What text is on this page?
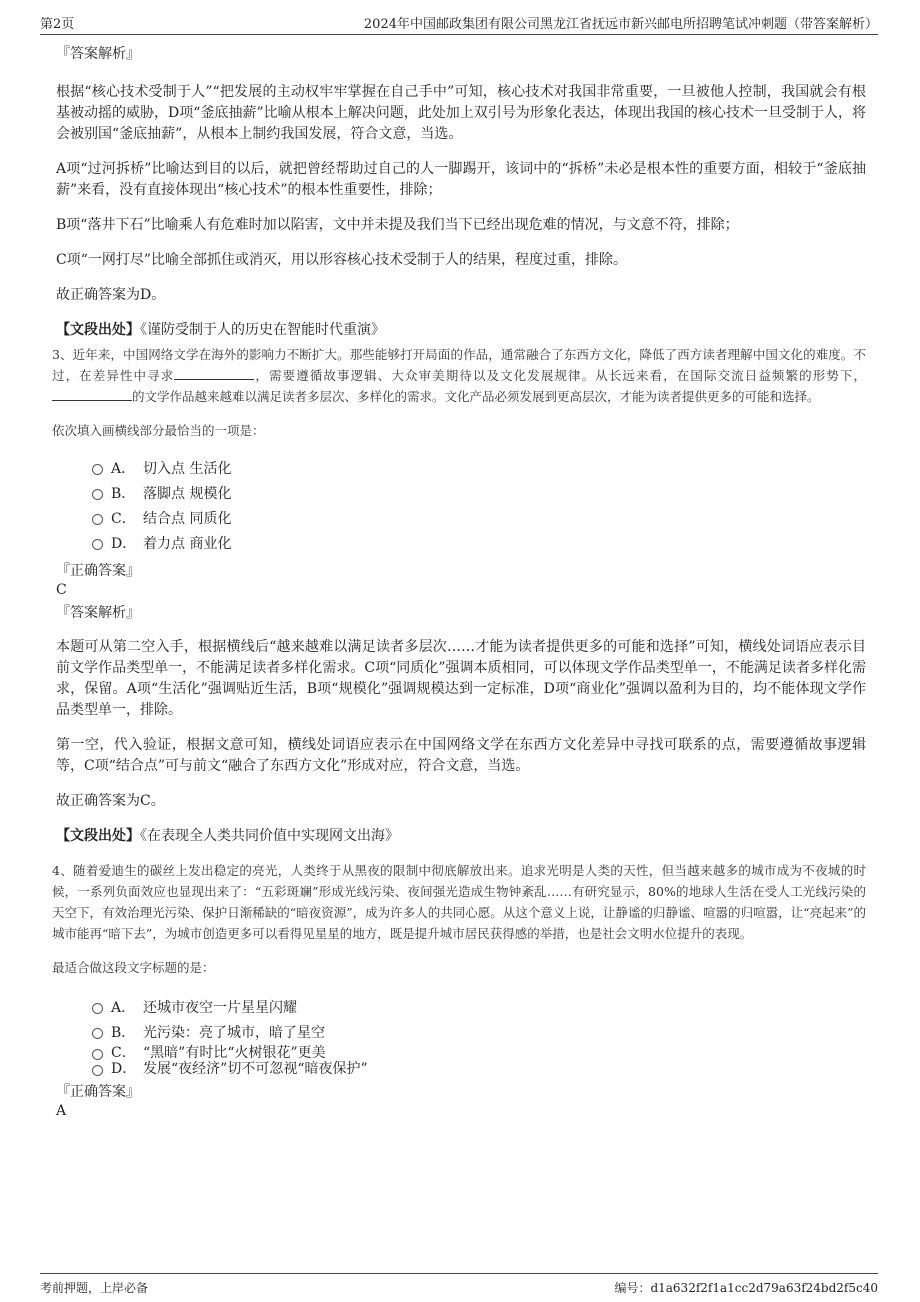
第2页	2024年中国邮政集团有限公司黑龙江省抚远市新兴邮电所招聘笔试冲刺题（带答案解析）
『答案解析』

根据“核心技术受制于人”“把发展的主动权牢牢掌握在自己手中”可知，核心技术对我国非常重要，一旦被他人控制，我国就会有根基被动摇的威胁，D项“釜底抽薪”比喻从根本上解决问题，此处加上双引号为形象化表达，体现出我国的核心技术一旦受制于人，将会被别国“釜底抽薪”，从根本上制约我国发展，符合文意，当选。

A项“过河拆桥”比喻达到目的以后，就把曾经帮助过自己的人一脚踢开，该词中的“拆桥”未必是根本性的重要方面，相较于“釜底抽薪”来看，没有直接体现出“核心技术”的根本性重要性，排除；

B项“落井下石”比喻乘人有危难时加以陷害，文中并未提及我们当下已经出现危难的情况，与文意不符，排除；

C项“一网打尽”比喻全部抓住或消灭，用以形容核心技术受制于人的结果，程度过重，排除。

故正确答案为D。

【文段出处】《谨防受制于人的历史在智能时代重演》

3、近年来，中国网络文学在海外的影响力不断扩大。那些能够打开局面的作品，通常融合了东西方文化，降低了西方读者理解中国文化的难度。不过，在差异性中寻求	，需要遵循故事逻辑、大众审美期待以及文化发展规律。从长远来看，在国际交流日益频繁的形势下，的文学作品越来越难以满足读者多层次、多样化的需求。文化产品必须发展到更高层次，才能为读者提供更多的可能和选择。

依次填入画横线部分最恰当的一项是：
A． 切入点 生活化
B． 落脚点 规模化
C． 结合点 同质化
D． 着力点 商业化
『正确答案』
C
『答案解析』

本题可从第二空入手，根据横线后“越来越难以满足读者多层次……才能为读者提供更多的可能和选择”可知，横线处词语应表示目前文学作品类型单一，不能满足读者多样化需求。C项“同质化”强调本质相同，可以体现文学作品类型单一，不能满足读者多样化需求，保留。A项“生活化”强调贴近生活，B项“规模化”强调规模达到一定标准，D项“商业化”强调以盈利为目的，均不能体现文学作品类型单一，排除。

第一空，代入验证，根据文意可知，横线处词语应表示在中国网络文学在东西方文化差异中寻找可联系的点，需要遵循故事逻辑等，C项“结合点”可与前文“融合了东西方文化”形成对应，符合文意，当选。

故正确答案为C。

【文段出处】《在表现全人类共同价值中实现网文出海》

4、随着爱迪生的碳丝上发出稳定的亮光，人类终于从黑夜的限制中彻底解放出来。追求光明是人类的天性，但当越来越多的城市成为不夜城的时候，一系列负面效应也显现出来了：“五彩斑斓”形成光线污染、夜间强光造成生物钟紊乱……有研究显示，80%的地球人生活在受人工光线污染的天空下，有效治理光污染、保护日渐稀缺的“暗夜资源”，成为许多人的共同心愿。从这个意义上说，让静谧的归静谧、喧嚣的归喧嚣，让“亮起来”的城市能再“暗下去”，为城市创造更多可以看得见星星的地方，既是提升城市居民获得感的举措，也是社会文明水位提升的表现。

最适合做这段文字标题的是：
A． 还城市夜空一片星星闪耀
B． 光污染：亮了城市，暗了星空
C． “黑暗”有时比“火树银花”更美
D． 发展“夜经济”切不可忽视“暗夜保护”
『正确答案』
A
考前押题，上岸必备	编号：d1a632f2f1a1cc2d79a63f24bd2f5c40
